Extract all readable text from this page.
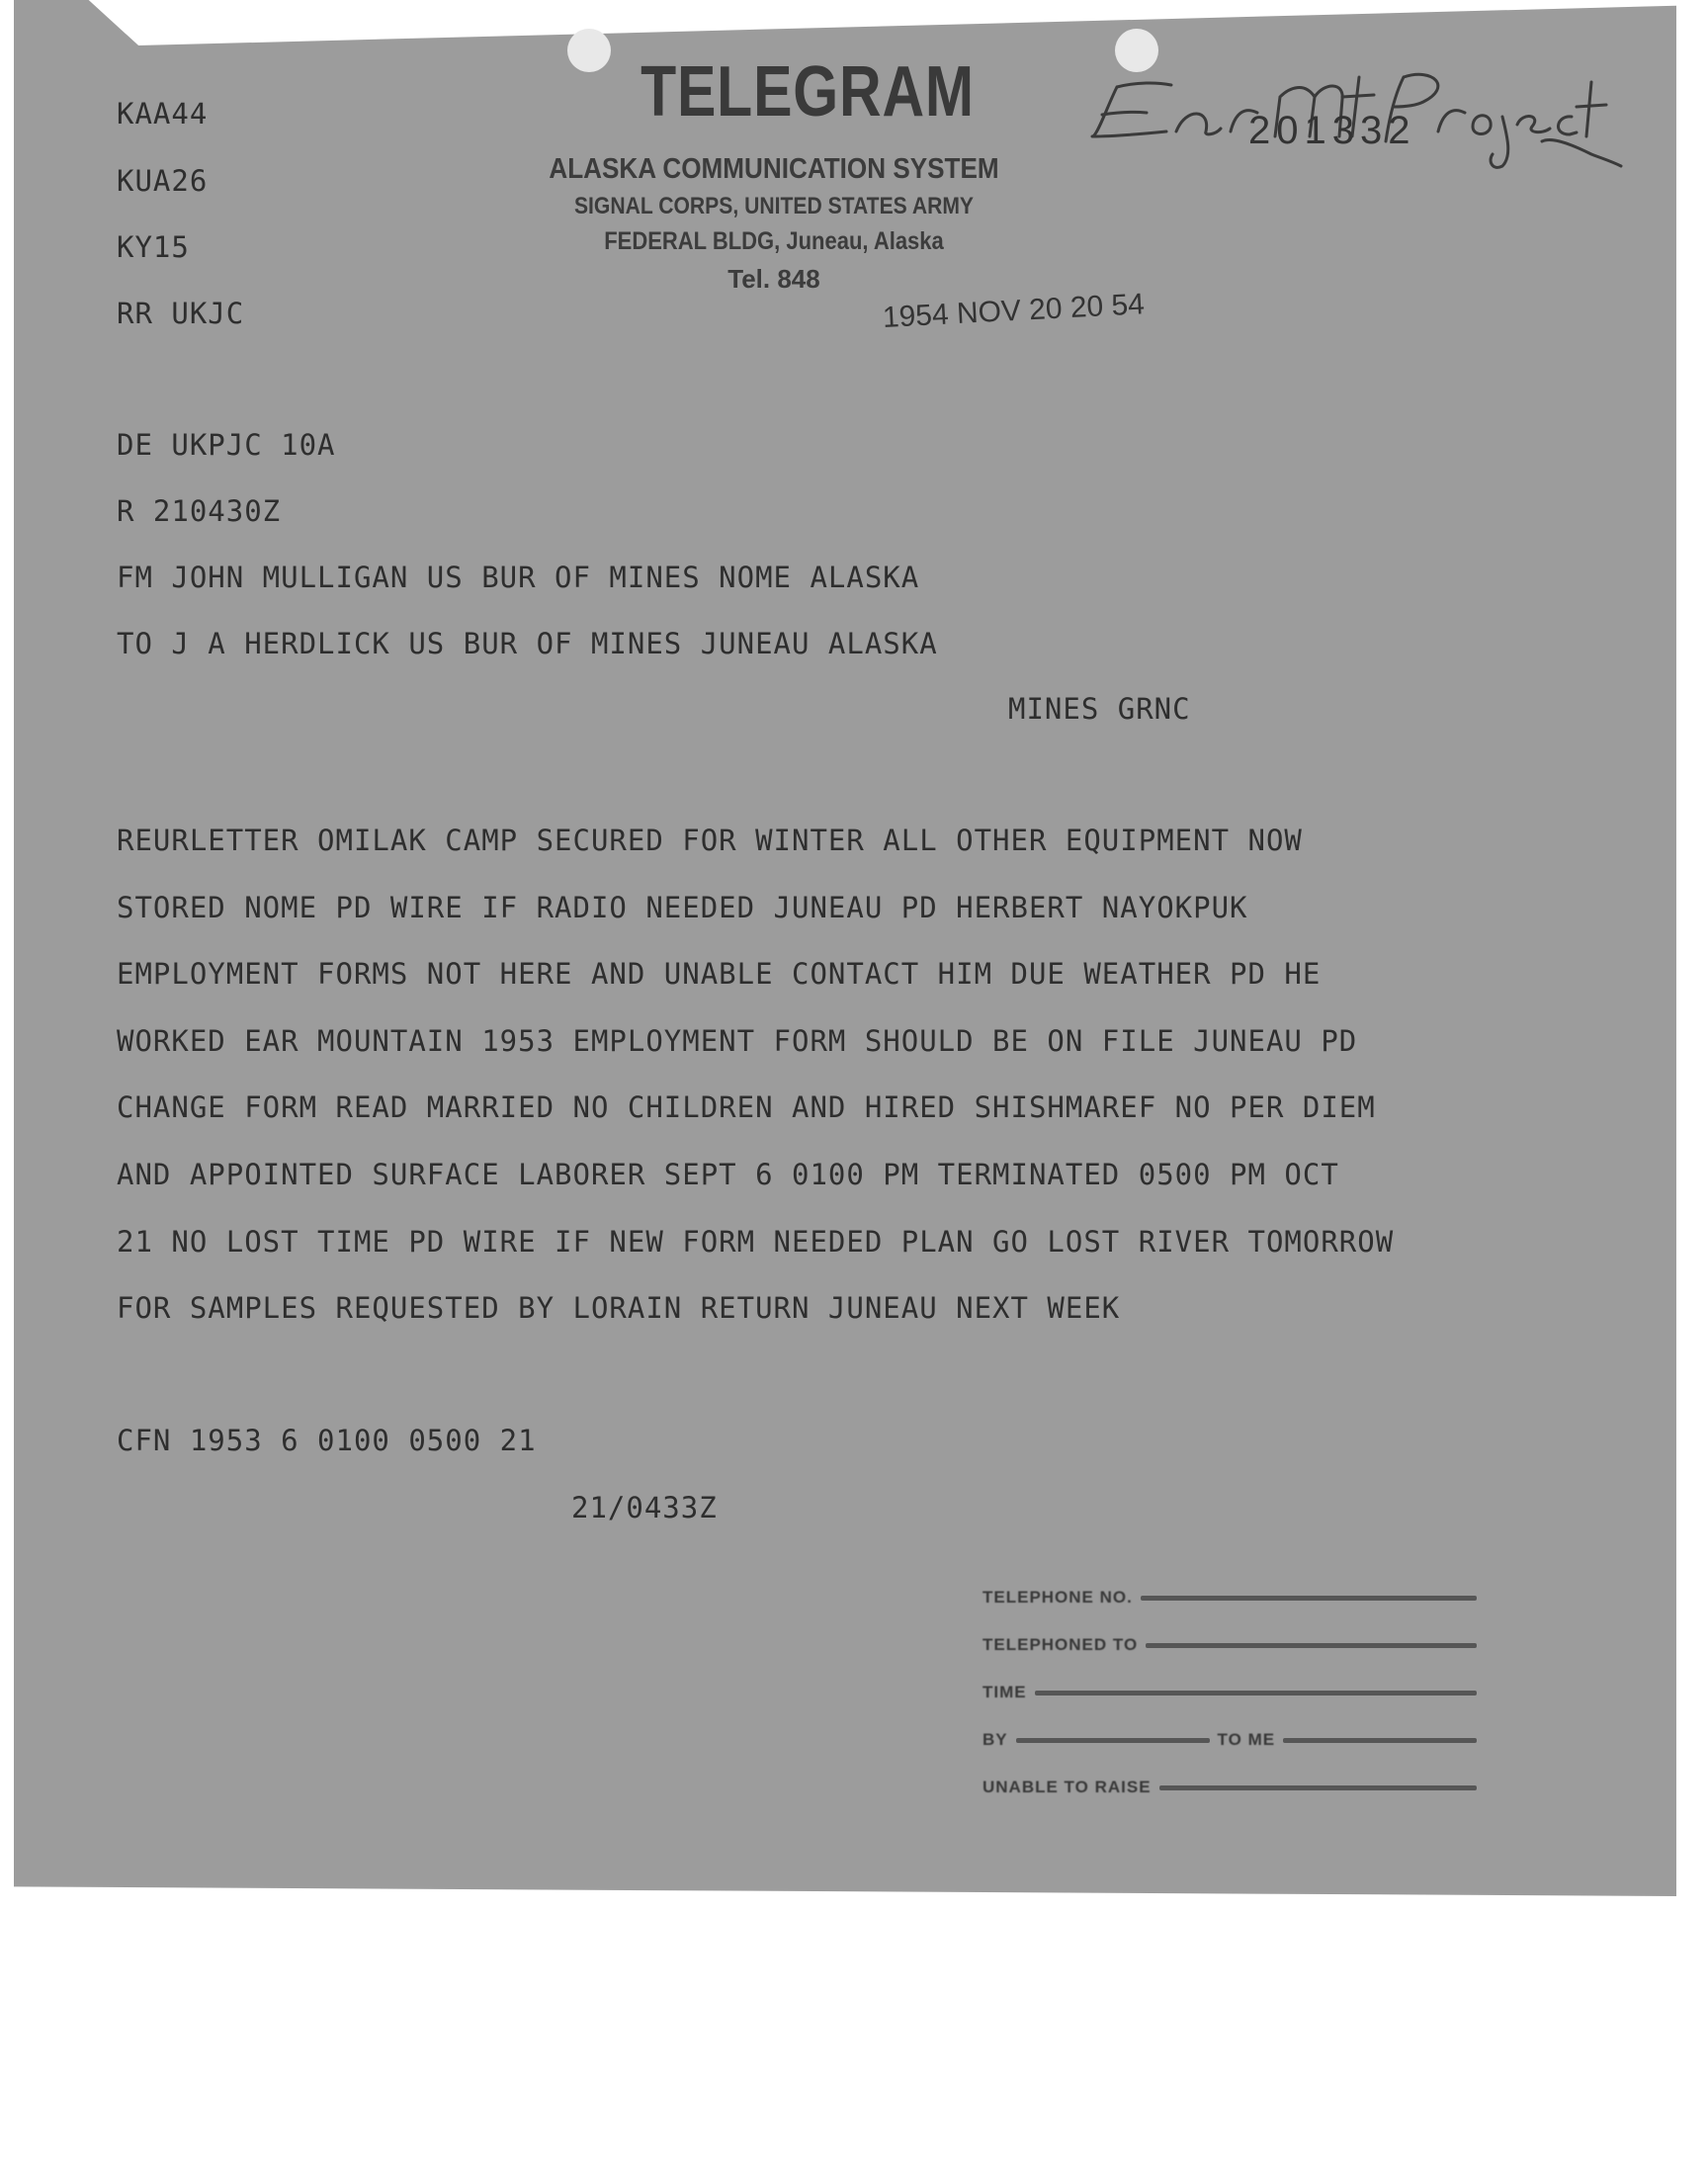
KAA44
KUA26
KY15
RR UKJC
TELEGRAM
ALASKA COMMUNICATION SYSTEM
SIGNAL CORPS, UNITED STATES ARMY
FEDERAL BLDG, Juneau, Alaska
Tel. 848
201332
1954 NOV 20 20 54
DE UKPJC 10A
R 210430Z
FM JOHN MULLIGAN US BUR OF MINES NOME ALASKA
TO J A HERDLICK US BUR OF MINES JUNEAU ALASKA
MINES GRNC
REURLETTER OMILAK CAMP SECURED FOR WINTER ALL OTHER EQUIPMENT NOW
STORED NOME PD WIRE IF RADIO NEEDED JUNEAU PD HERBERT NAYOKPUK
EMPLOYMENT FORMS NOT HERE AND UNABLE CONTACT HIM DUE WEATHER PD HE
WORKED EAR MOUNTAIN 1953 EMPLOYMENT FORM SHOULD BE ON FILE JUNEAU PD
CHANGE FORM READ MARRIED NO CHILDREN AND HIRED SHISHMAREF NO PER DIEM
AND APPOINTED SURFACE LABORER SEPT 6 0100 PM TERMINATED 0500 PM OCT
21 NO LOST TIME PD WIRE IF NEW FORM NEEDED PLAN GO LOST RIVER TOMORROW
FOR SAMPLES REQUESTED BY LORAIN RETURN JUNEAU NEXT WEEK
CFN 1953 6 0100 0500 21
21/0433Z
TELEPHONE NO.
TELEPHONED TO
TIME
BY	TO ME
UNABLE TO RAISE
